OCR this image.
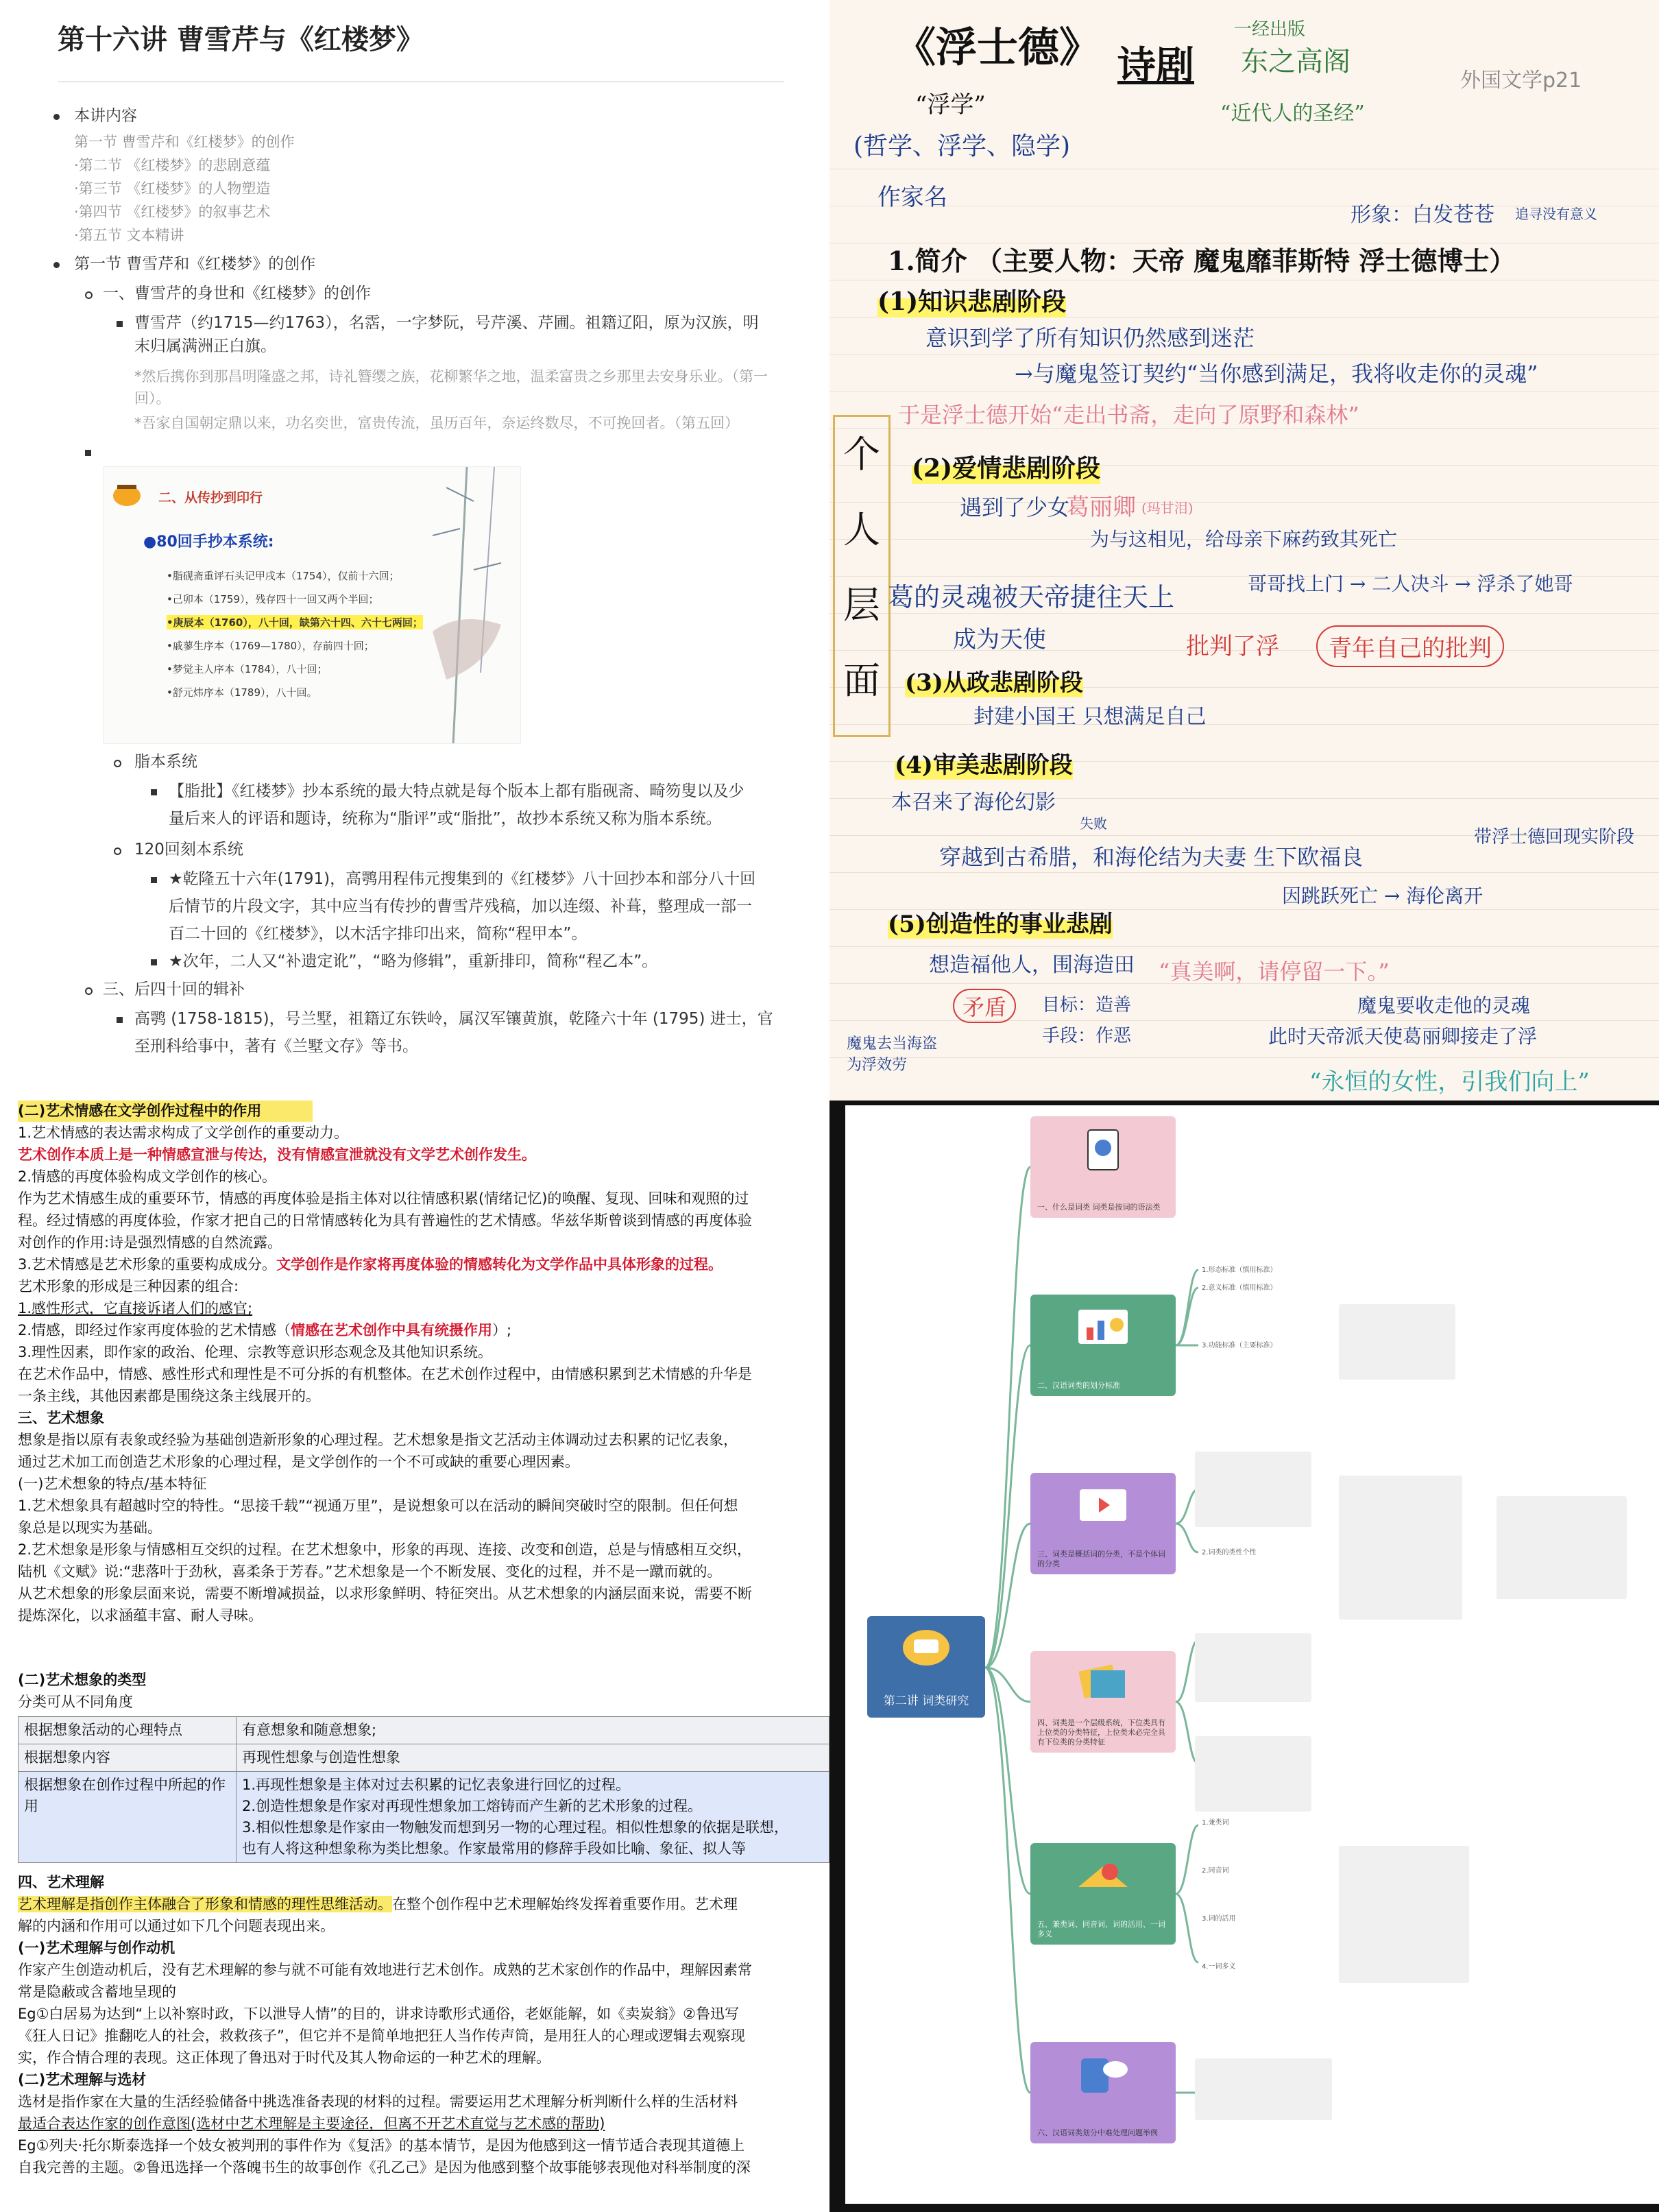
第十六讲 曹雪芹与《红楼梦》
本讲内容
第一节 曹雪芹和《红楼梦》的创作
·第二节 《红楼梦》的悲剧意蕴
·第三节 《红楼梦》的人物塑造
·第四节 《红楼梦》的叙事艺术
·第五节 文本精讲
第一节 曹雪芹和《红楼梦》的创作
一、曹雪芹的身世和《红楼梦》的创作
曹雪芹（约1715—约1763），名霑，一字梦阮，号芹溪、芹圃。祖籍辽阳，原为汉族，明
末归属满洲正白旗。
*然后携你到那昌明隆盛之邦，诗礼簪缨之族，花柳繁华之地，温柔富贵之乡那里去安身乐业。（第一
回）。
*吾家自国朝定鼎以来，功名奕世，富贵传流，虽历百年，奈运终数尽，不可挽回者。（第五回）
二、从传抄到印行
●80回手抄本系统:
•脂砚斋重评石头记甲戌本（1754），仅前十六回；
•己卯本（1759），残存四十一回又两个半回；
•庚辰本（1760），八十回，缺第六十四、六十七两回；
•戚蓼生序本（1769—1780），存前四十回；
•梦觉主人序本（1784），八十回；
•舒元炜序本（1789），八十回。
脂本系统
【脂批】《红楼梦》抄本系统的最大特点就是每个版本上都有脂砚斋、畸笏叟以及少
量后来人的评语和题诗，统称为“脂评”或“脂批”，故抄本系统又称为脂本系统。
120回刻本系统
★乾隆五十六年(1791)，高鹗用程伟元搜集到的《红楼梦》八十回抄本和部分八十回
后情节的片段文字，其中应当有传抄的曹雪芹残稿，加以连缀、补葺，整理成一部一
百二十回的《红楼梦》，以木活字排印出来，简称“程甲本”。
★次年，二人又“补遗定讹”，“略为修辑”，重新排印，简称“程乙本”。
三、后四十回的辑补
高鹗 (1758-1815)，号兰墅，祖籍辽东铁岭，属汉军镶黄旗，乾隆六十年 (1795) 进士，官
至刑科给事中，著有《兰墅文存》等书。
《浮士德》 诗剧
一经出版
东之高阁
外国文学p21
“浮学”	“近代人的圣经”
(哲学、浮学、隐学)
作家名
形象：白发苍苍 追寻没有意义
1.简介 （主要人物：天帝 魔鬼靡菲斯特 浮士德博士）
(1)知识悲剧阶段
意识到学了所有知识仍然感到迷茫
→与魔鬼签订契约“当你感到满足，我将收走你的灵魂”
于是浮士德开始“走出书斋，走向了原野和森林”
个
人
层
面
(2)爱情悲剧阶段
遇到了少女
葛丽卿 (玛甘泪)
为与这相见，给母亲下麻药致其死亡
葛的灵魂被天帝捷往天上	哥哥找上门 → 二人决斗 → 浮杀了她哥
成为天使	批判了浮	青年自己的批判
(3)从政悲剧阶段
封建小国王 只想满足自己
(4)审美悲剧阶段
本召来了海伦幻影
失败
穿越到古希腊，和海伦结为夫妻 生下欧福良
带浮士德回现实阶段
因跳跃死亡 → 海伦离开
(5)创造性的事业悲剧
想造福他人，围海造田 “真美啊，请停留一下。”
矛盾	目标：造善
手段：作恶
魔鬼要收走他的灵魂
此时天帝派天使葛丽卿接走了浮
魔鬼去当海盗 为浮效劳
“永恒的女性，引我们向上”
(二)艺术情感在文学创作过程中的作用
1.艺术情感的表达需求构成了文学创作的重要动力。
艺术创作本质上是一种情感宣泄与传达，没有情感宣泄就没有文学艺术创作发生。
2.情感的再度体验构成文学创作的核心。
作为艺术情感生成的重要环节，情感的再度体验是指主体对以往情感积累(情绪记忆)的唤醒、复现、回味和观照的过
程。经过情感的再度体验，作家才把自己的日常情感转化为具有普遍性的艺术情感。华兹华斯曾谈到情感的再度体验
对创作的作用:诗是强烈情感的自然流露。
3.艺术情感是艺术形象的重要构成成分。文学创作是作家将再度体验的情感转化为文学作品中具体形象的过程。
艺术形象的形成是三种因素的组合:
1.感性形式，它直接诉诸人们的感官;
2.情感，即经过作家再度体验的艺术情感（情感在艺术创作中具有统摄作用）;
3.理性因素，即作家的政治、伦理、宗教等意识形态观念及其他知识系统。
在艺术作品中，情感、感性形式和理性是不可分拆的有机整体。在艺术创作过程中，由情感积累到艺术情感的升华是
一条主线，其他因素都是围绕这条主线展开的。
三、艺术想象
想象是指以原有表象或经验为基础创造新形象的心理过程。艺术想象是指文艺活动主体调动过去积累的记忆表象，
通过艺术加工而创造艺术形象的心理过程，是文学创作的一个不可或缺的重要心理因素。
(一)艺术想象的特点/基本特征
1.艺术想象具有超越时空的特性。“思接千载”“视通万里”，是说想象可以在活动的瞬间突破时空的限制。但任何想
象总是以现实为基础。
2.艺术想象是形象与情感相互交织的过程。在艺术想象中，形象的再现、连接、改变和创造，总是与情感相互交织，
陆机《文赋》说:“悲落叶于劲秋，喜柔条于芳春。”艺术想象是一个不断发展、变化的过程，并不是一蹴而就的。
从艺术想象的形象层面来说，需要不断增减损益，以求形象鲜明、特征突出。从艺术想象的内涵层面来说，需要不断
提炼深化，以求涵蕴丰富、耐人寻味。
(二)艺术想象的类型
分类可从不同角度
根据想象活动的心理特点	有意想象和随意想象;
根据想象内容	再现性想象与创造性想象
根据想象在创作过程中所起的作用	1.再现性想象是主体对过去积累的记忆表象进行回忆的过程。
2.创造性想象是作家对再现性想象加工熔铸而产生新的艺术形象的过程。
3.相似性想象是作家由一物触发而想到另一物的心理过程。相似性想象的依据是联想，
也有人将这种想象称为类比想象。作家最常用的修辞手段如比喻、象征、拟人等
四、艺术理解
艺术理解是指创作主体融合了形象和情感的理性思维活动。在整个创作程中艺术理解始终发挥着重要作用。艺术理
解的内涵和作用可以通过如下几个问题表现出来。
(一)艺术理解与创作动机
作家产生创造动机后，没有艺术理解的参与就不可能有效地进行艺术创作。成熟的艺术家创作的作品中，理解因素常
常是隐蔽或含蓄地呈现的
Eg①白居易为达到“上以补察时政，下以泄导人情”的目的，讲求诗歌形式通俗，老妪能解，如《卖炭翁》②鲁迅写
《狂人日记》推翻吃人的社会，救救孩子”，但它并不是简单地把狂人当作传声筒，是用狂人的心理或逻辑去观察现
实，作合情合理的表现。这正体现了鲁迅对于时代及其人物命运的一种艺术的理解。
(二)艺术理解与选材
选材是指作家在大量的生活经验储备中挑选准备表现的材料的过程。需要运用艺术理解分析判断什么样的生活材料
最适合表达作家的创作意图(选材中艺术理解是主要途径，但离不开艺术直觉与艺术感的帮助)
Eg①列夫·托尔斯泰选择一个妓女被判刑的事件作为《复活》的基本情节，是因为他感到这一情节适合表现其道德上
自我完善的主题。②鲁迅选择一个落魄书生的故事创作《孔乙己》是因为他感到整个故事能够表现他对科举制度的深
第二讲 词类研究
一、什么是词类 词类是按词的语法类
二、汉语词类的划分标准
三、词类是概括词的分类，不是个体词的分类
四、词类是一个层级系统，下位类具有上位类的分类特征，上位类未必完全具有下位类的分类特征
五、兼类词、同音词、词的活用、一词多义
六、汉语词类划分中难处理问题举例
1.形态标准（慎用标准）
2.意义标准（慎用标准）
3.功能标准（主要标准）
2.词类的类性个性
1.兼类词
2.同音词
3.词的活用
4.一词多义
